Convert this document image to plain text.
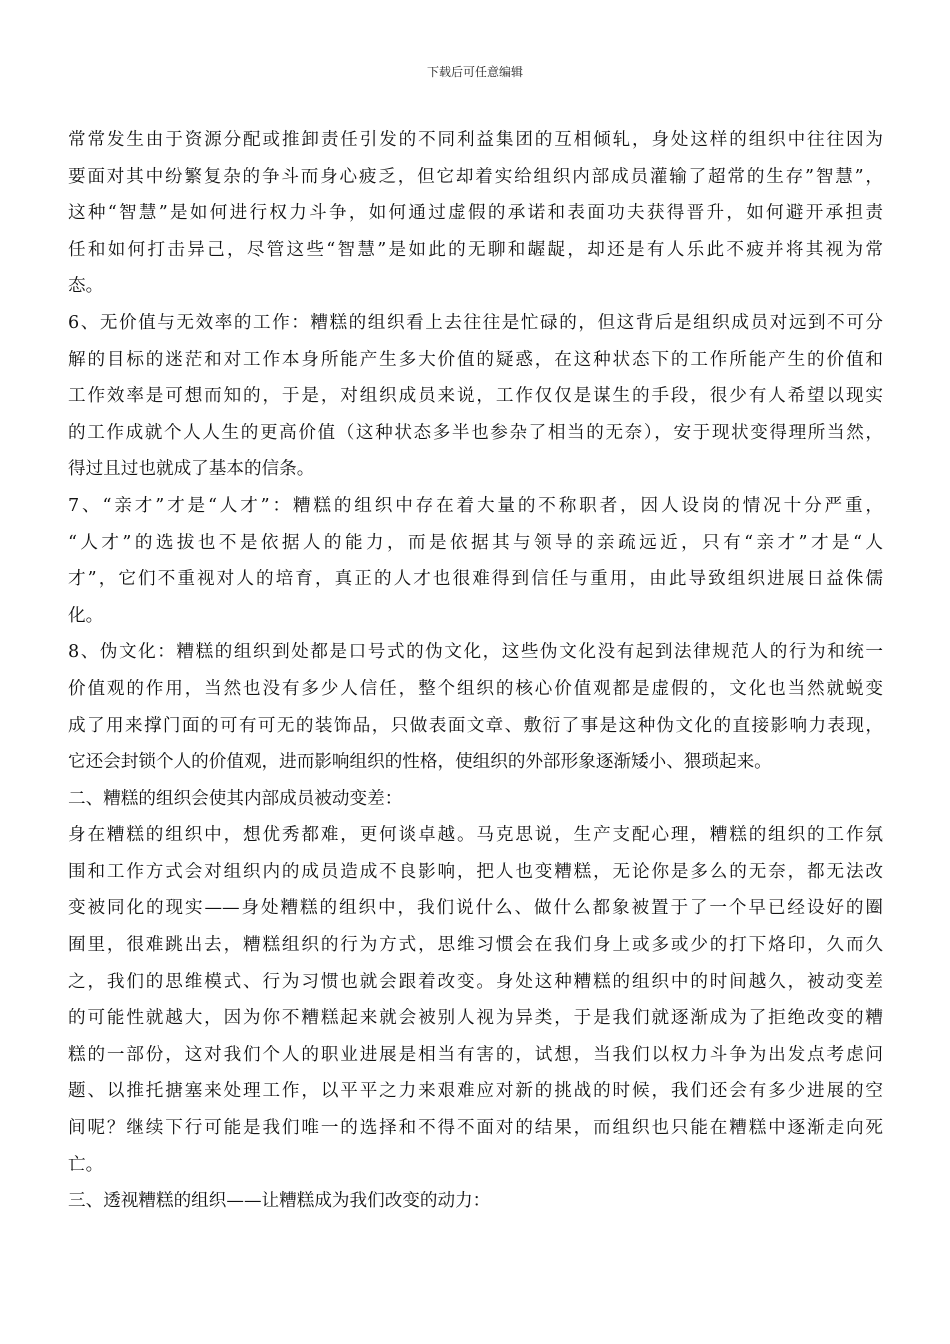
下载后可任意编辑
常常发生由于资源分配或推卸责任引发的不同利益集团的互相倾轧，身处这样的组织中往往因为
要面对其中纷繁复杂的争斗而身心疲乏，但它却着实给组织内部成员灌输了超常的生存”智慧”，
这种“智慧”是如何进行权力斗争，如何通过虚假的承诺和表面功夫获得晋升，如何避开承担责
任和如何打击异己，尽管这些“智慧”是如此的无聊和龌龊，却还是有人乐此不疲并将其视为常
态。
6、无价值与无效率的工作：糟糕的组织看上去往往是忙碌的，但这背后是组织成员对远到不可分
解的目标的迷茫和对工作本身所能产生多大价值的疑惑，在这种状态下的工作所能产生的价值和
工作效率是可想而知的，于是，对组织成员来说，工作仅仅是谋生的手段，很少有人希望以现实
的工作成就个人人生的更高价值（这种状态多半也参杂了相当的无奈），安于现状变得理所当然，
得过且过也就成了基本的信条。
7、“亲才”才是“人才”：糟糕的组织中存在着大量的不称职者，因人设岗的情况十分严重，
“人才”的选拔也不是依据人的能力，而是依据其与领导的亲疏远近，只有“亲才”才是“人
才”，它们不重视对人的培育，真正的人才也很难得到信任与重用，由此导致组织进展日益侏儒
化。
8、伪文化：糟糕的组织到处都是口号式的伪文化，这些伪文化没有起到法律规范人的行为和统一
价值观的作用，当然也没有多少人信任，整个组织的核心价值观都是虚假的，文化也当然就蜕变
成了用来撑门面的可有可无的装饰品，只做表面文章、敷衍了事是这种伪文化的直接影响力表现，
它还会封锁个人的价值观，进而影响组织的性格，使组织的外部形象逐渐矮小、猥琐起来。
二、糟糕的组织会使其内部成员被动变差：
身在糟糕的组织中，想优秀都难，更何谈卓越。马克思说，生产支配心理，糟糕的组织的工作氛
围和工作方式会对组织内的成员造成不良影响，把人也变糟糕，无论你是多么的无奈，都无法改
变被同化的现实——身处糟糕的组织中，我们说什么、做什么都象被置于了一个早已经设好的圈
囿里，很难跳出去，糟糕组织的行为方式，思维习惯会在我们身上或多或少的打下烙印，久而久
之，我们的思维模式、行为习惯也就会跟着改变。身处这种糟糕的组织中的时间越久，被动变差
的可能性就越大，因为你不糟糕起来就会被别人视为异类，于是我们就逐渐成为了拒绝改变的糟
糕的一部份，这对我们个人的职业进展是相当有害的，试想，当我们以权力斗争为出发点考虑问
题、以推托搪塞来处理工作，以平平之力来艰难应对新的挑战的时候，我们还会有多少进展的空
间呢？继续下行可能是我们唯一的选择和不得不面对的结果，而组织也只能在糟糕中逐渐走向死
亡。
三、透视糟糕的组织——让糟糕成为我们改变的动力：
